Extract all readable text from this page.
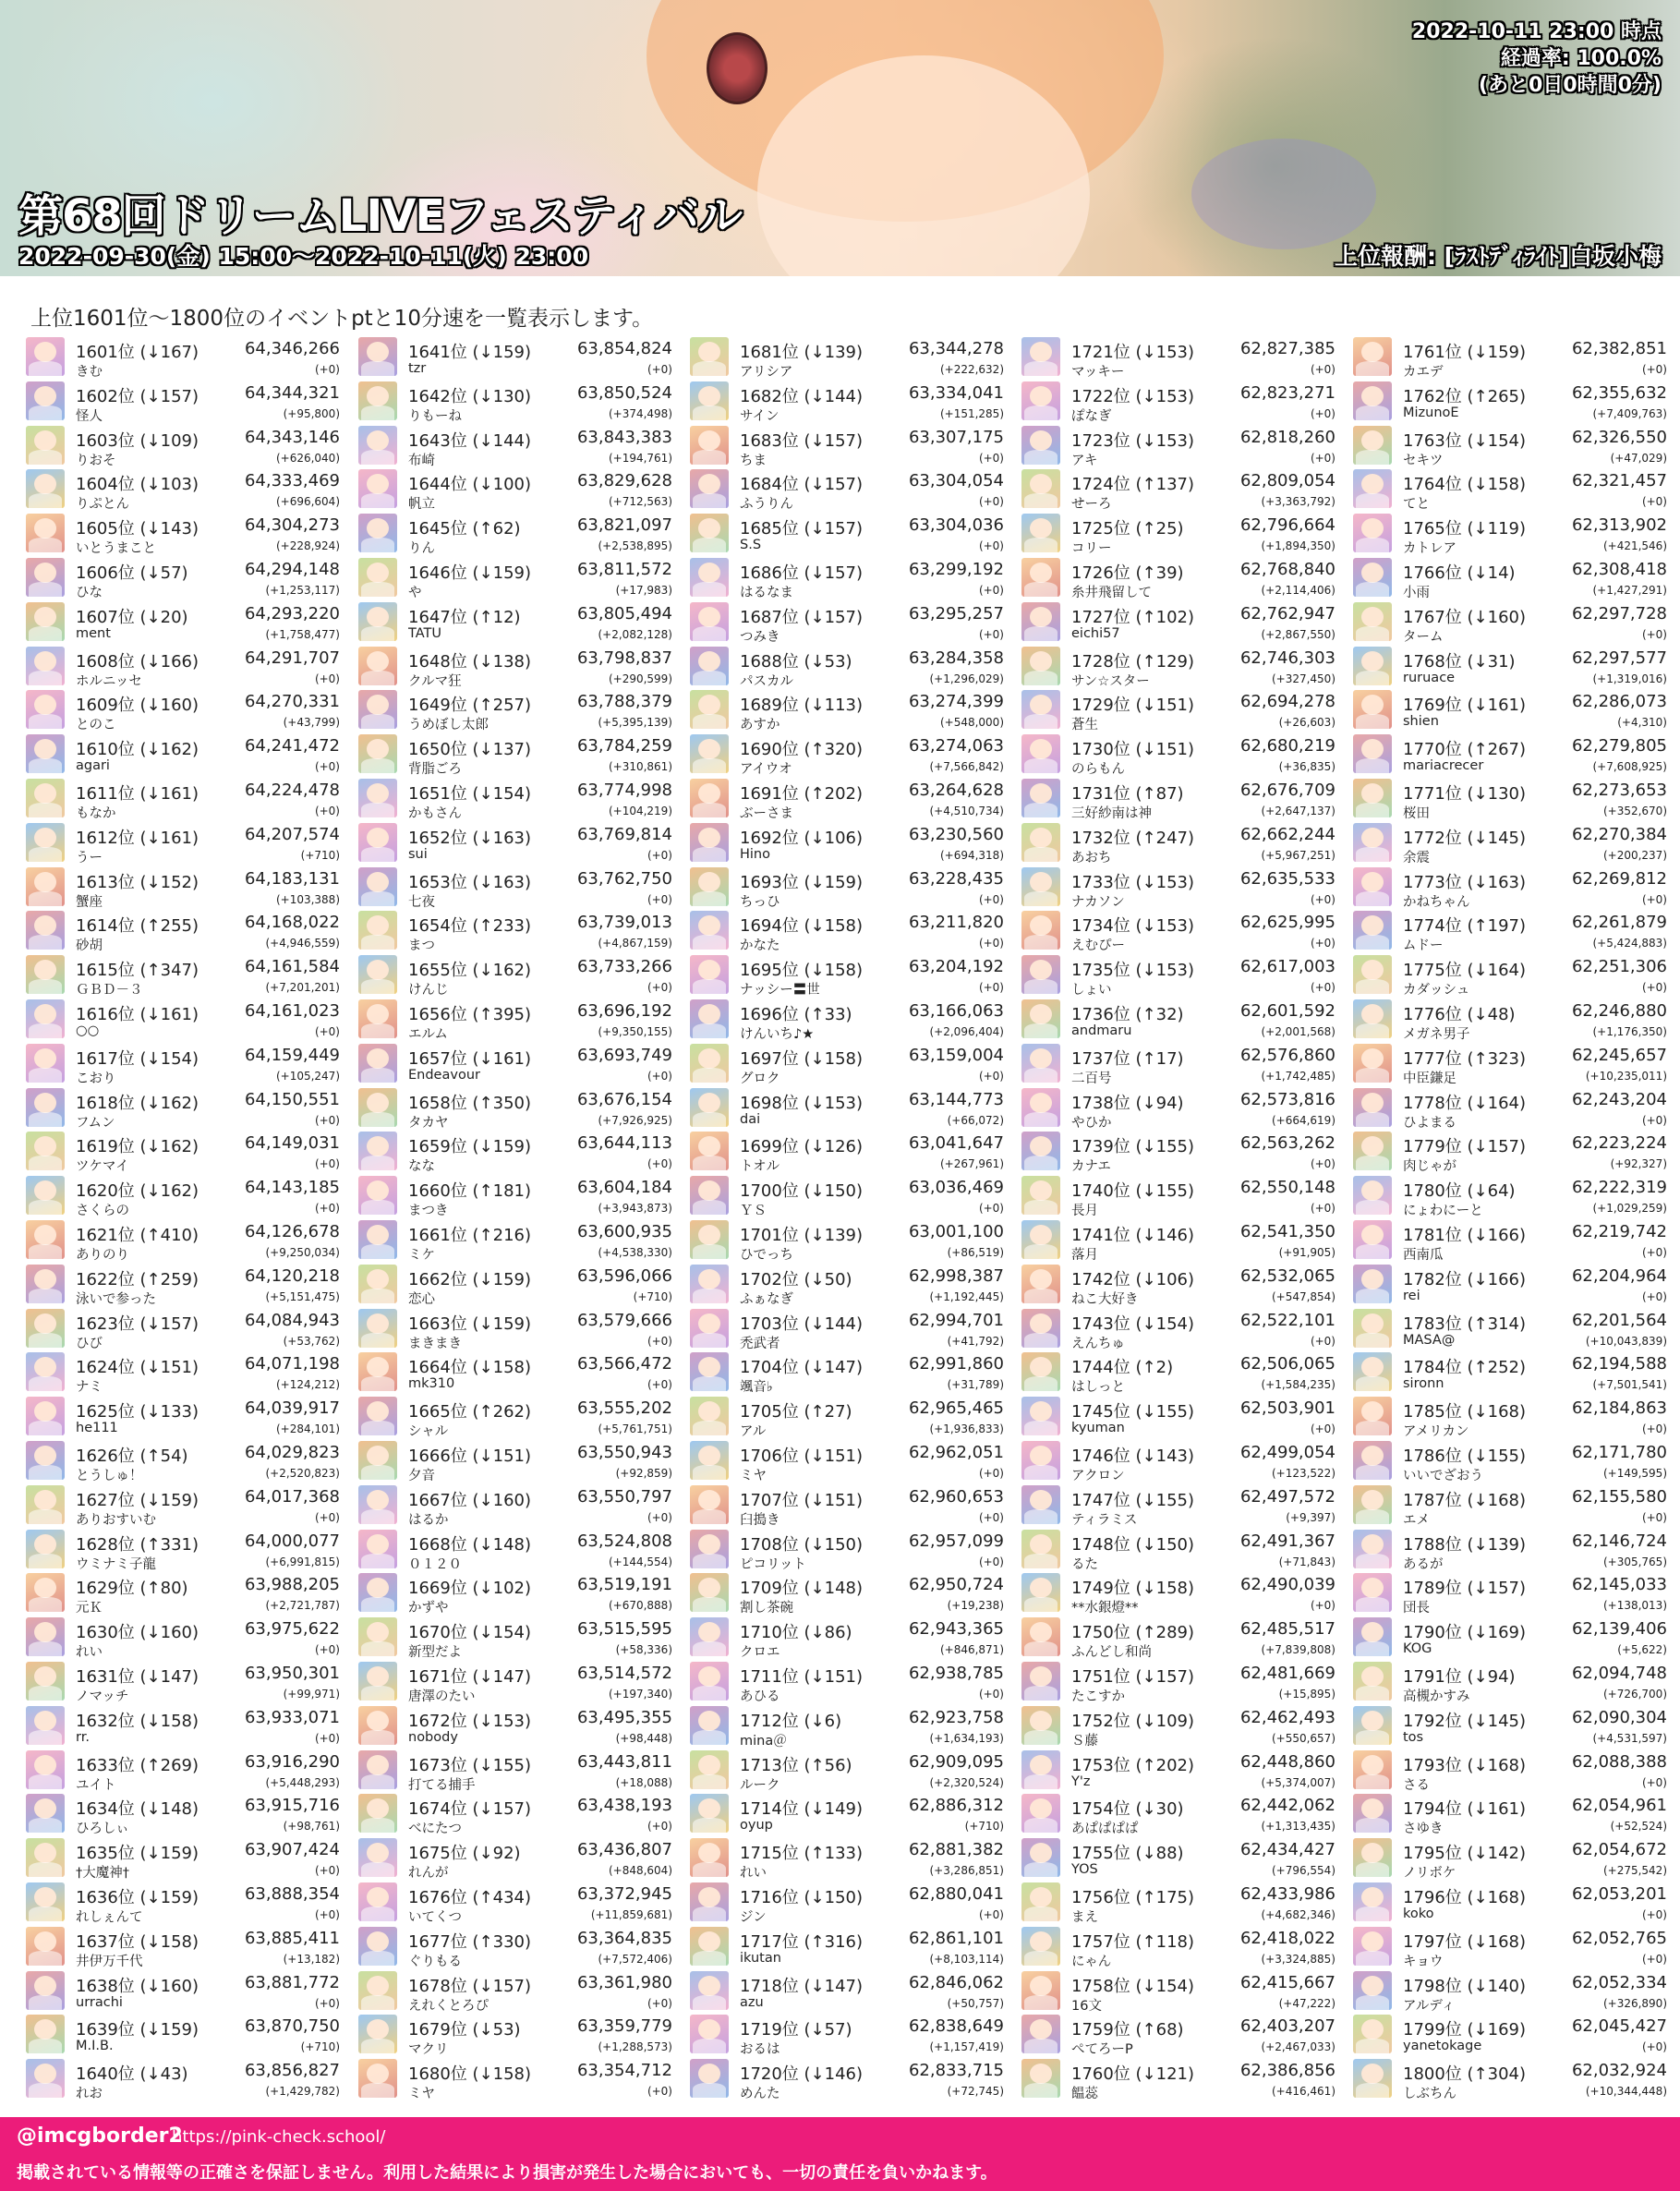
第68回ドリームLIVEフェスティバル
2022-09-30(金) 15:00〜2022-10-11(火) 23:00
2022-10-11 23:00 時点
経過率: 100.0%
(あと0日0時間0分)
上位報酬: [ﾗｽﾄﾃﾞｨﾗｲﾄ]白坂小梅
上位1601位〜1800位のイベントptと10分速を一覧表示します。
1601位 (↓167)	64,346,266
きむ	(+0)
1602位 (↓157)	64,344,321
怪人	(+95,800)
1603位 (↓109)	64,343,146
りおそ	(+626,040)
1604位 (↓103)	64,333,469
りぷとん	(+696,604)
1605位 (↓143)	64,304,273
いとうまこと	(+228,924)
1606位 (↓57)	64,294,148
ひな	(+1,253,117)
1607位 (↓20)	64,293,220
ment	(+1,758,477)
1608位 (↓166)	64,291,707
ホルニッセ	(+0)
1609位 (↓160)	64,270,331
とのこ	(+43,799)
1610位 (↓162)	64,241,472
agari	(+0)
1611位 (↓161)	64,224,478
もなか	(+0)
1612位 (↓161)	64,207,574
うー	(+710)
1613位 (↓152)	64,183,131
蟹座	(+103,388)
1614位 (↑255)	64,168,022
砂胡	(+4,946,559)
1615位 (↑347)	64,161,584
ＧＢＤ－３	(+7,201,201)
1616位 (↓161)	64,161,023
○○	(+0)
1617位 (↓154)	64,159,449
こおり	(+105,247)
1618位 (↓162)	64,150,551
フムン	(+0)
1619位 (↓162)	64,149,031
ツケマイ	(+0)
1620位 (↓162)	64,143,185
さくらの	(+0)
1621位 (↑410)	64,126,678
ありのり	(+9,250,034)
1622位 (↑259)	64,120,218
泳いで参った	(+5,151,475)
1623位 (↓157)	64,084,943
ひび	(+53,762)
1624位 (↓151)	64,071,198
ナミ	(+124,212)
1625位 (↓133)	64,039,917
he111	(+284,101)
1626位 (↑54)	64,029,823
とうしゅ！	(+2,520,823)
1627位 (↓159)	64,017,368
ありおすいむ	(+0)
1628位 (↑331)	64,000,077
ウミナミ子龍	(+6,991,815)
1629位 (↑80)	63,988,205
元Ｋ	(+2,721,787)
1630位 (↓160)	63,975,622
れい	(+0)
1631位 (↓147)	63,950,301
ノマッチ	(+99,971)
1632位 (↓158)	63,933,071
rr.	(+0)
1633位 (↑269)	63,916,290
ユイト	(+5,448,293)
1634位 (↓148)	63,915,716
ひろしぃ	(+98,761)
1635位 (↓159)	63,907,424
†大魔神†	(+0)
1636位 (↓159)	63,888,354
れしぇんて	(+0)
1637位 (↓158)	63,885,411
井伊万千代	(+13,182)
1638位 (↓160)	63,881,772
urrachi	(+0)
1639位 (↓159)	63,870,750
M.I.B.	(+710)
1640位 (↓43)	63,856,827
れお	(+1,429,782)
1641位 (↓159)	63,854,824
tzr	(+0)
1642位 (↓130)	63,850,524
りもーね	(+374,498)
1643位 (↓144)	63,843,383
布崎	(+194,761)
1644位 (↓100)	63,829,628
帆立	(+712,563)
1645位 (↑62)	63,821,097
りん	(+2,538,895)
1646位 (↓159)	63,811,572
や	(+17,983)
1647位 (↑12)	63,805,494
TATU	(+2,082,128)
1648位 (↓138)	63,798,837
クルマ狂	(+290,599)
1649位 (↑257)	63,788,379
うめぼし太郎	(+5,395,139)
1650位 (↓137)	63,784,259
背脂ごろ	(+310,861)
1651位 (↓154)	63,774,998
かもさん	(+104,219)
1652位 (↓163)	63,769,814
sui	(+0)
1653位 (↓163)	63,762,750
七夜	(+0)
1654位 (↑233)	63,739,013
まつ	(+4,867,159)
1655位 (↓162)	63,733,266
けんじ	(+0)
1656位 (↑395)	63,696,192
エルム	(+9,350,155)
1657位 (↓161)	63,693,749
Endeavour	(+0)
1658位 (↑350)	63,676,154
タカヤ	(+7,926,925)
1659位 (↓159)	63,644,113
なな	(+0)
1660位 (↑181)	63,604,184
まつき	(+3,943,873)
1661位 (↑216)	63,600,935
ミケ	(+4,538,330)
1662位 (↓159)	63,596,066
恋心	(+710)
1663位 (↓159)	63,579,666
まきまき	(+0)
1664位 (↓158)	63,566,472
mk310	(+0)
1665位 (↑262)	63,555,202
シャル	(+5,761,751)
1666位 (↓151)	63,550,943
夕音	(+92,859)
1667位 (↓160)	63,550,797
はるか	(+0)
1668位 (↓148)	63,524,808
０１２０	(+144,554)
1669位 (↓102)	63,519,191
かずや	(+670,888)
1670位 (↓154)	63,515,595
新型だよ	(+58,336)
1671位 (↓147)	63,514,572
唐澤のたい	(+197,340)
1672位 (↓153)	63,495,355
nobody	(+98,448)
1673位 (↓155)	63,443,811
打てる捕手	(+18,088)
1674位 (↓157)	63,438,193
べにたつ	(+0)
1675位 (↓92)	63,436,807
れんが	(+848,604)
1676位 (↑434)	63,372,945
いてくつ	(+11,859,681)
1677位 (↑330)	63,364,835
ぐりもる	(+7,572,406)
1678位 (↓157)	63,361,980
えれくとろぴ	(+0)
1679位 (↓53)	63,359,779
マクリ	(+1,288,573)
1680位 (↓158)	63,354,712
ミヤ	(+0)
1681位 (↓139)	63,344,278
アリシア	(+222,632)
1682位 (↓144)	63,334,041
サイン	(+151,285)
1683位 (↓157)	63,307,175
ちま	(+0)
1684位 (↓157)	63,304,054
ふうりん	(+0)
1685位 (↓157)	63,304,036
S.S	(+0)
1686位 (↓157)	63,299,192
はるなま	(+0)
1687位 (↓157)	63,295,257
つみき	(+0)
1688位 (↓53)	63,284,358
パスカル	(+1,296,029)
1689位 (↓113)	63,274,399
あすか	(+548,000)
1690位 (↑320)	63,274,063
アイウオ	(+7,566,842)
1691位 (↑202)	63,264,628
ぶーさま	(+4,510,734)
1692位 (↓106)	63,230,560
Hino	(+694,318)
1693位 (↓159)	63,228,435
ちっひ	(+0)
1694位 (↓158)	63,211,820
かなた	(+0)
1695位 (↓158)	63,204,192
ナッシー〓世	(+0)
1696位 (↑33)	63,166,063
けんいち♪★	(+2,096,404)
1697位 (↓158)	63,159,004
グロク	(+0)
1698位 (↓153)	63,144,773
dai	(+66,072)
1699位 (↓126)	63,041,647
トオル	(+267,961)
1700位 (↓150)	63,036,469
ＹＳ	(+0)
1701位 (↓139)	63,001,100
ひでっち	(+86,519)
1702位 (↓50)	62,998,387
ふぁなぎ	(+1,192,445)
1703位 (↓144)	62,994,701
禿武者	(+41,792)
1704位 (↓147)	62,991,860
颯音♭	(+31,789)
1705位 (↑27)	62,965,465
アル	(+1,936,833)
1706位 (↓151)	62,962,051
ミヤ	(+0)
1707位 (↓151)	62,960,653
臼搗き	(+0)
1708位 (↓150)	62,957,099
ピコリット	(+0)
1709位 (↓148)	62,950,724
割し茶碗	(+19,238)
1710位 (↓86)	62,943,365
クロエ	(+846,871)
1711位 (↓151)	62,938,785
あひる	(+0)
1712位 (↓6)	62,923,758
mina＠	(+1,634,193)
1713位 (↑56)	62,909,095
ルーク	(+2,320,524)
1714位 (↓149)	62,886,312
oyup	(+710)
1715位 (↑133)	62,881,382
れい	(+3,286,851)
1716位 (↓150)	62,880,041
ジン	(+0)
1717位 (↑316)	62,861,101
ikutan	(+8,103,114)
1718位 (↓147)	62,846,062
azu	(+50,757)
1719位 (↓57)	62,838,649
おるは	(+1,157,419)
1720位 (↓146)	62,833,715
めんた	(+72,745)
1721位 (↓153)	62,827,385
マッキー	(+0)
1722位 (↓153)	62,823,271
ぽなぎ	(+0)
1723位 (↓153)	62,818,260
アキ	(+0)
1724位 (↑137)	62,809,054
せーろ	(+3,363,792)
1725位 (↑25)	62,796,664
コリー	(+1,894,350)
1726位 (↑39)	62,768,840
糸井飛留して	(+2,114,406)
1727位 (↑102)	62,762,947
eichi57	(+2,867,550)
1728位 (↑129)	62,746,303
サン☆スター	(+327,450)
1729位 (↓151)	62,694,278
蒼生	(+26,603)
1730位 (↓151)	62,680,219
のらもん	(+36,835)
1731位 (↑87)	62,676,709
三好紗南は神	(+2,647,137)
1732位 (↑247)	62,662,244
あおち	(+5,967,251)
1733位 (↓153)	62,635,533
ナカソン	(+0)
1734位 (↓153)	62,625,995
えむぴー	(+0)
1735位 (↓153)	62,617,003
しょい	(+0)
1736位 (↑32)	62,601,592
andmaru	(+2,001,568)
1737位 (↑17)	62,576,860
二百号	(+1,742,485)
1738位 (↓94)	62,573,816
やひか	(+664,619)
1739位 (↓155)	62,563,262
カナエ	(+0)
1740位 (↓155)	62,550,148
長月	(+0)
1741位 (↓146)	62,541,350
落月	(+91,905)
1742位 (↓106)	62,532,065
ねこ大好き	(+547,854)
1743位 (↓154)	62,522,101
えんちゅ	(+0)
1744位 (↑2)	62,506,065
はしっと	(+1,584,235)
1745位 (↓155)	62,503,901
kyuman	(+0)
1746位 (↓143)	62,499,054
アクロン	(+123,522)
1747位 (↓155)	62,497,572
ティラミス	(+9,397)
1748位 (↓150)	62,491,367
るた	(+71,843)
1749位 (↓158)	62,490,039
**水銀燈**	(+0)
1750位 (↑289)	62,485,517
ふんどし和尚	(+7,839,808)
1751位 (↓157)	62,481,669
たこすか	(+15,895)
1752位 (↓109)	62,462,493
Ｓ藤	(+550,657)
1753位 (↑202)	62,448,860
Y'z	(+5,374,007)
1754位 (↓30)	62,442,062
あぱぱぱぱ	(+1,313,435)
1755位 (↓88)	62,434,427
YOS	(+796,554)
1756位 (↑175)	62,433,986
まえ	(+4,682,346)
1757位 (↑118)	62,418,022
にゃん	(+3,324,885)
1758位 (↓154)	62,415,667
16文	(+47,222)
1759位 (↑68)	62,403,207
ぺてろーP	(+2,467,033)
1760位 (↓121)	62,386,856
饂蕊	(+416,461)
1761位 (↓159)	62,382,851
カエデ	(+0)
1762位 (↑265)	62,355,632
MizunoE	(+7,409,763)
1763位 (↓154)	62,326,550
セキツ	(+47,029)
1764位 (↓158)	62,321,457
てと	(+0)
1765位 (↓119)	62,313,902
カトレア	(+421,546)
1766位 (↓14)	62,308,418
小雨	(+1,427,291)
1767位 (↓160)	62,297,728
ターム	(+0)
1768位 (↓31)	62,297,577
ruruace	(+1,319,016)
1769位 (↓161)	62,286,073
shien	(+4,310)
1770位 (↑267)	62,279,805
mariacrecer	(+7,608,925)
1771位 (↓130)	62,273,653
桜田	(+352,670)
1772位 (↓145)	62,270,384
余震	(+200,237)
1773位 (↓163)	62,269,812
かねちゃん	(+0)
1774位 (↑197)	62,261,879
ムドー	(+5,424,883)
1775位 (↓164)	62,251,306
カダッシュ	(+0)
1776位 (↓48)	62,246,880
メガネ男子	(+1,176,350)
1777位 (↑323)	62,245,657
中臣鎌足	(+10,235,011)
1778位 (↓164)	62,243,204
ひよまる	(+0)
1779位 (↓157)	62,223,224
肉じゃが	(+92,327)
1780位 (↓64)	62,222,319
にょわにーと	(+1,029,259)
1781位 (↓166)	62,219,742
西南瓜	(+0)
1782位 (↓166)	62,204,964
rei	(+0)
1783位 (↑314)	62,201,564
MASA@	(+10,043,839)
1784位 (↑252)	62,194,588
sironn	(+7,501,541)
1785位 (↓168)	62,184,863
アメリカン	(+0)
1786位 (↓155)	62,171,780
いいでざおう	(+149,595)
1787位 (↓168)	62,155,580
エメ	(+0)
1788位 (↓139)	62,146,724
あるが	(+305,765)
1789位 (↓157)	62,145,033
団長	(+138,013)
1790位 (↓169)	62,139,406
KOG	(+5,622)
1791位 (↓94)	62,094,748
高槻かすみ	(+726,700)
1792位 (↓145)	62,090,304
tos	(+4,531,597)
1793位 (↓168)	62,088,388
さる	(+0)
1794位 (↓161)	62,054,961
さゆき	(+52,524)
1795位 (↓142)	62,054,672
ノリボケ	(+275,542)
1796位 (↓168)	62,053,201
koko	(+0)
1797位 (↓168)	62,052,765
キョウ	(+0)
1798位 (↓140)	62,052,334
アルディ	(+326,890)
1799位 (↓169)	62,045,427
yanetokage	(+0)
1800位 (↑304)	62,032,924
しぶちん	(+10,344,448)
@imcgborder2
https://pink-check.school/
掲載されている情報等の正確さを保証しません。利用した結果により損害が発生した場合においても、一切の責任を負いかねます。
